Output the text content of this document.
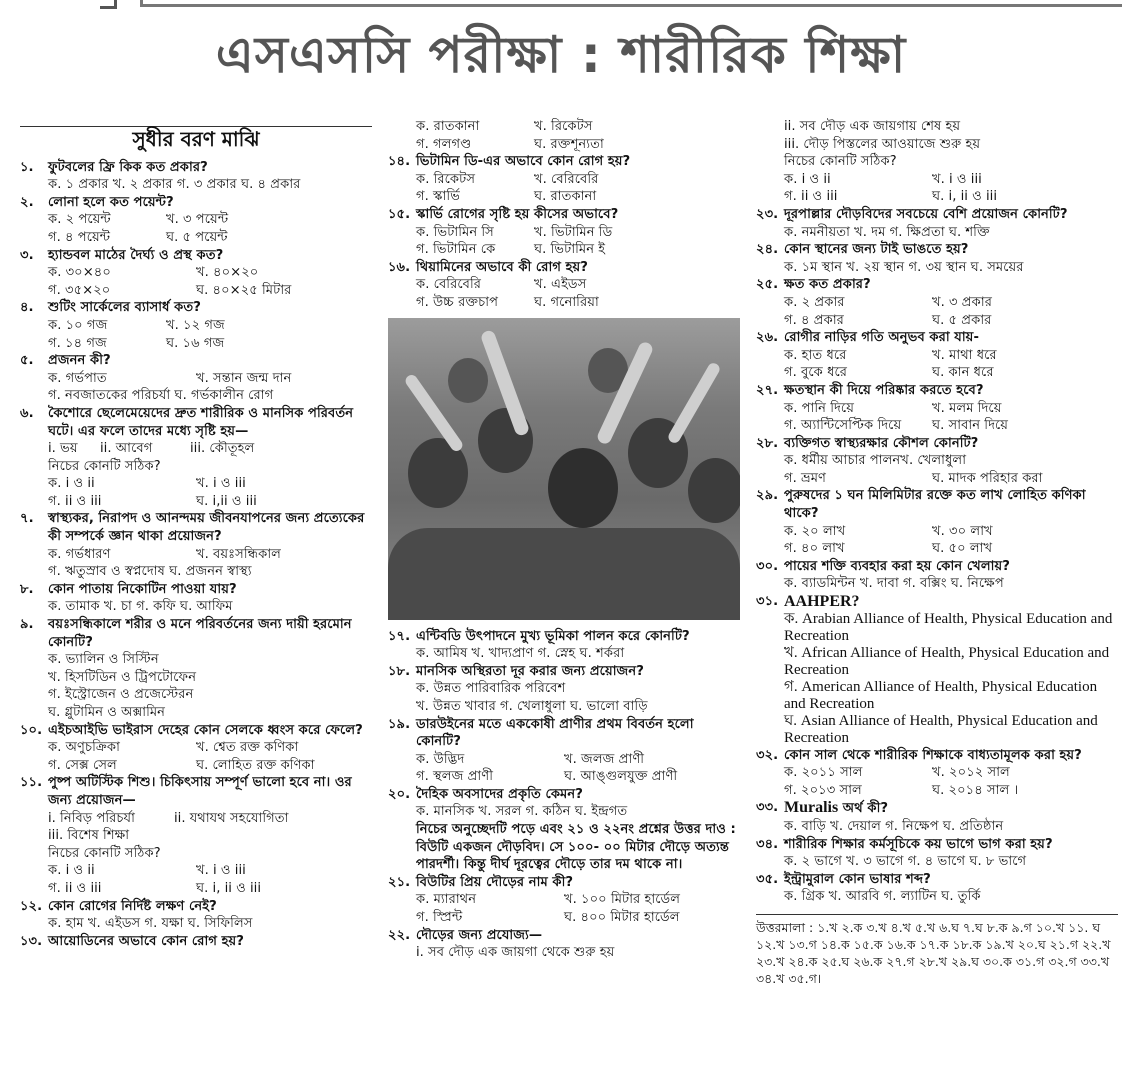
এসএসসি পরীক্ষা : শারীরিক শিক্ষা
সুধীর বরণ মাঝি
১.	ফুটবলের ফ্রি কিক কত প্রকার?
ক. ১ প্রকার খ. ২ প্রকার গ. ৩ প্রকার ঘ. ৪ প্রকার
২.	লোনা হলে কত পয়েন্ট?
ক. ২ পয়েন্ট	খ. ৩ পয়েন্ট
গ. ৪ পয়েন্ট	ঘ. ৫ পয়েন্ট
৩.	হ্যান্ডবল মাঠের দৈর্ঘ্য ও প্রস্থ কত?
ক. ৩০×৪০	খ. ৪০×২০
গ. ৩৫×২০	ঘ. ৪০×২৫ মিটার
৪.	শুটিং সার্কেলের ব্যাসার্ধ কত?
ক. ১০ গজ	খ. ১২ গজ
গ. ১৪ গজ	ঘ. ১৬ গজ
৫.	প্রজনন কী?
ক. গর্ভপাত	খ. সন্তান জন্ম দান
গ. নবজাতকের পরিচর্যা ঘ. গর্ভকালীন রোগ
৬.	কৈশোরে ছেলেমেয়েদের দ্রুত শারীরিক ও মানসিক পরিবর্তন ঘটে। এর ফলে তাদের মধ্যে সৃষ্টি হয়—
i. ভয়	ii. আবেগ	iii. কৌতূহল
নিচের কোনটি সঠিক?
ক. i ও ii	খ. i ও iii
গ. ii ও iii	ঘ. i,ii ও iii
৭.	স্বাস্থ্যকর, নিরাপদ ও আনন্দময় জীবনযাপনের জন্য প্রত্যেকের কী সম্পর্কে জ্ঞান থাকা প্রয়োজন?
ক. গর্ভধারণ	খ. বয়ঃসন্ধিকাল
গ. ঋতুস্রাব ও স্বপ্নদোষ ঘ. প্রজনন স্বাস্থ্য
৮.	কোন পাতায় নিকোটিন পাওয়া যায়?
ক. তামাক খ. চা গ. কফি ঘ. আফিম
৯.	বয়ঃসন্ধিকালে শরীর ও মনে পরিবর্তনের জন্য দায়ী হরমোন কোনটি?
ক. ভ্যালিন ও সিস্টিন
খ. হিসটিডিন ও ট্রিপটোফেন
গ. ইস্ট্রোজেন ও প্রজেস্টেরন
ঘ. গ্লুটামিন ও অক্সামিন
১০. এইচআইভি ভাইরাস দেহের কোন সেলকে ধ্বংস করে ফেলে?
ক. অণুচক্রিকা	খ. শ্বেত রক্ত কণিকা
গ. সেক্স সেল	ঘ. লোহিত রক্ত কণিকা
১১. পুষ্প অটিস্টিক শিশু। চিকিৎসায় সম্পূর্ণ ভালো হবে না। ওর জন্য প্রয়োজন—
i. নিবিড় পরিচর্যা	ii. যথাযথ সহযোগিতা
iii. বিশেষ শিক্ষা
নিচের কোনটি সঠিক?
ক. i ও ii	খ. i ও iii
গ. ii ও iii	ঘ. i, ii ও iii
১২. কোন রোগের নির্দিষ্ট লক্ষণ নেই?
ক. হাম খ. এইডস গ. যক্ষা ঘ. সিফিলিস
১৩. আয়োডিনের অভাবে কোন রোগ হয়?
ক. রাতকানা	খ. রিকেটস
গ. গলগণ্ড	ঘ. রক্তশূন্যতা
১৪. ভিটামিন ডি-এর অভাবে কোন রোগ হয়?
ক. রিকেটস	খ. বেরিবেরি
গ. স্কার্ভি	ঘ. রাতকানা
১৫. স্কার্ভি রোগের সৃষ্টি হয় কীসের অভাবে?
ক. ভিটামিন সি	খ. ভিটামিন ডি
গ. ভিটামিন কে	ঘ. ভিটামিন ই
১৬. থিয়ামিনের অভাবে কী রোগ হয়?
ক. বেরিবেরি	খ. এইডস
গ. উচ্চ রক্তচাপ	ঘ. গনোরিয়া
১৭. এন্টিবডি উৎপাদনে মুখ্য ভূমিকা পালন করে কোনটি?
ক. আমিষ খ. খাদ্যপ্রাণ গ. স্নেহ ঘ. শর্করা
১৮. মানসিক অস্থিরতা দূর করার জন্য প্রয়োজন?
ক. উন্নত পারিবারিক পরিবেশ
খ. উন্নত খাবার গ. খেলাধুলা ঘ. ভালো বাড়ি
১৯. ডারউইনের মতে এককোষী প্রাণীর প্রথম বিবর্তন হলো কোনটি?
ক. উদ্ভিদ	খ. জলজ প্রাণী
গ. স্থলজ প্রাণী	ঘ. আঙ্গুলযুক্ত প্রাণী
২০. দৈহিক অবসাদের প্রকৃতি কেমন?
ক. মানসিক খ. সরল গ. কঠিন ঘ. ইন্দ্রগত
নিচের অনুচ্ছেদটি পড়ে এবং ২১ ও ২২নং প্রশ্নের উত্তর দাও :
বিউটি একজন দৌড়বিদ। সে ১০০- ০০ মিটার দৌড়ে অত্যন্ত পারদর্শী। কিন্তু দীর্ঘ দূরত্বের দৌড়ে তার দম থাকে না।
২১. বিউটির প্রিয় দৌড়ের নাম কী?
ক. ম্যারাথন	খ. ১০০ মিটার হার্ডেল
গ. স্প্রিন্ট	ঘ. ৪০০ মিটার হার্ডেল
২২. দৌড়ের জন্য প্রযোজ্য—
i. সব দৌড় এক জায়গা থেকে শুরু হয়
ii. সব দৌড় এক জায়গায় শেষ হয়
iii. দৌড় পিস্তলের আওয়াজে শুরু হয়
নিচের কোনটি সঠিক?
ক. i ও ii	খ. i ও iii
গ. ii ও iii	ঘ. i, ii ও iii
২৩. দূরপাল্লার দৌড়বিদের সবচেয়ে বেশি প্রয়োজন কোনটি?
ক. নমনীয়তা খ. দম গ. ক্ষিপ্রতা ঘ. শক্তি
২৪. কোন স্থানের জন্য টাই ভাঙতে হয়?
ক. ১ম স্থান খ. ২য় স্থান গ. ৩য় স্থান ঘ. সময়ের
২৫. ক্ষত কত প্রকার?
ক. ২ প্রকার	খ. ৩ প্রকার
গ. ৪ প্রকার	ঘ. ৫ প্রকার
২৬. রোগীর নাড়ির গতি অনুভব করা যায়-
ক. হাত ধরে	খ. মাথা ধরে
গ. বুকে ধরে	ঘ. কান ধরে
২৭. ক্ষতস্থান কী দিয়ে পরিষ্কার করতে হবে?
ক. পানি দিয়ে	খ. মলম দিয়ে
গ. অ্যান্টিসেপ্টিক দিয়ে	ঘ. সাবান দিয়ে
২৮. ব্যক্তিগত স্বাস্থ্যরক্ষার কৌশল কোনটি?
ক. ধর্মীয় আচার পালনখ. খেলাধুলা
গ. ভ্রমণ	ঘ. মাদক পরিহার করা
২৯. পুরুষদের ১ ঘন মিলিমিটার রক্তে কত লাখ লোহিত কণিকা থাকে?
ক. ২০ লাখ	খ. ৩০ লাখ
গ. ৪০ লাখ	ঘ. ৫০ লাখ
৩০. পায়ের শক্তি ব্যবহার করা হয় কোন খেলায়?
ক. ব্যাডমিন্টন খ. দাবা গ. বক্সিং ঘ. নিক্ষেপ
৩১. AAHPER?
ক. Arabian Alliance of Health, Physical Education and Recreation
খ. African Alliance of Health, Physical Education and Recreation
গ. American Alliance of Health, Physical Education and Recreation
ঘ. Asian Alliance of Health, Physical Education and Recreation
৩২. কোন সাল থেকে শারীরিক শিক্ষাকে বাধ্যতামূলক করা হয়?
ক. ২০১১ সাল	খ. ২০১২ সাল
গ. ২০১৩ সাল	ঘ. ২০১৪ সাল ।
৩৩. Muralis অর্থ কী?
ক. বাড়ি খ. দেয়াল গ. নিক্ষেপ ঘ. প্রতিষ্ঠান
৩৪. শারীরিক শিক্ষার কর্মসূচিকে কয় ভাগে ভাগ করা হয়?
ক. ২ ভাগে খ. ৩ ভাগে গ. ৪ ভাগে ঘ. ৮ ভাগে
৩৫. ইন্ট্রামুরাল কোন ভাষার শব্দ?
ক. গ্রিক খ. আরবি গ. ল্যাটিন ঘ. তুর্কি
উত্তরমালা : ১.খ ২.ক ৩.খ ৪.খ ৫.খ ৬.ঘ ৭.ঘ ৮.ক ৯.গ ১০.খ ১১. ঘ ১২.খ ১৩.গ ১৪.ক ১৫.ক ১৬.ক ১৭.ক ১৮.ক ১৯.খ ২০.ঘ ২১.গ ২২.খ ২৩.খ ২৪.ক ২৫.ঘ ২৬.ক ২৭.গ ২৮.খ ২৯.ঘ ৩০.ক ৩১.গ ৩২.গ ৩৩.খ ৩৪.খ ৩৫.গ।
